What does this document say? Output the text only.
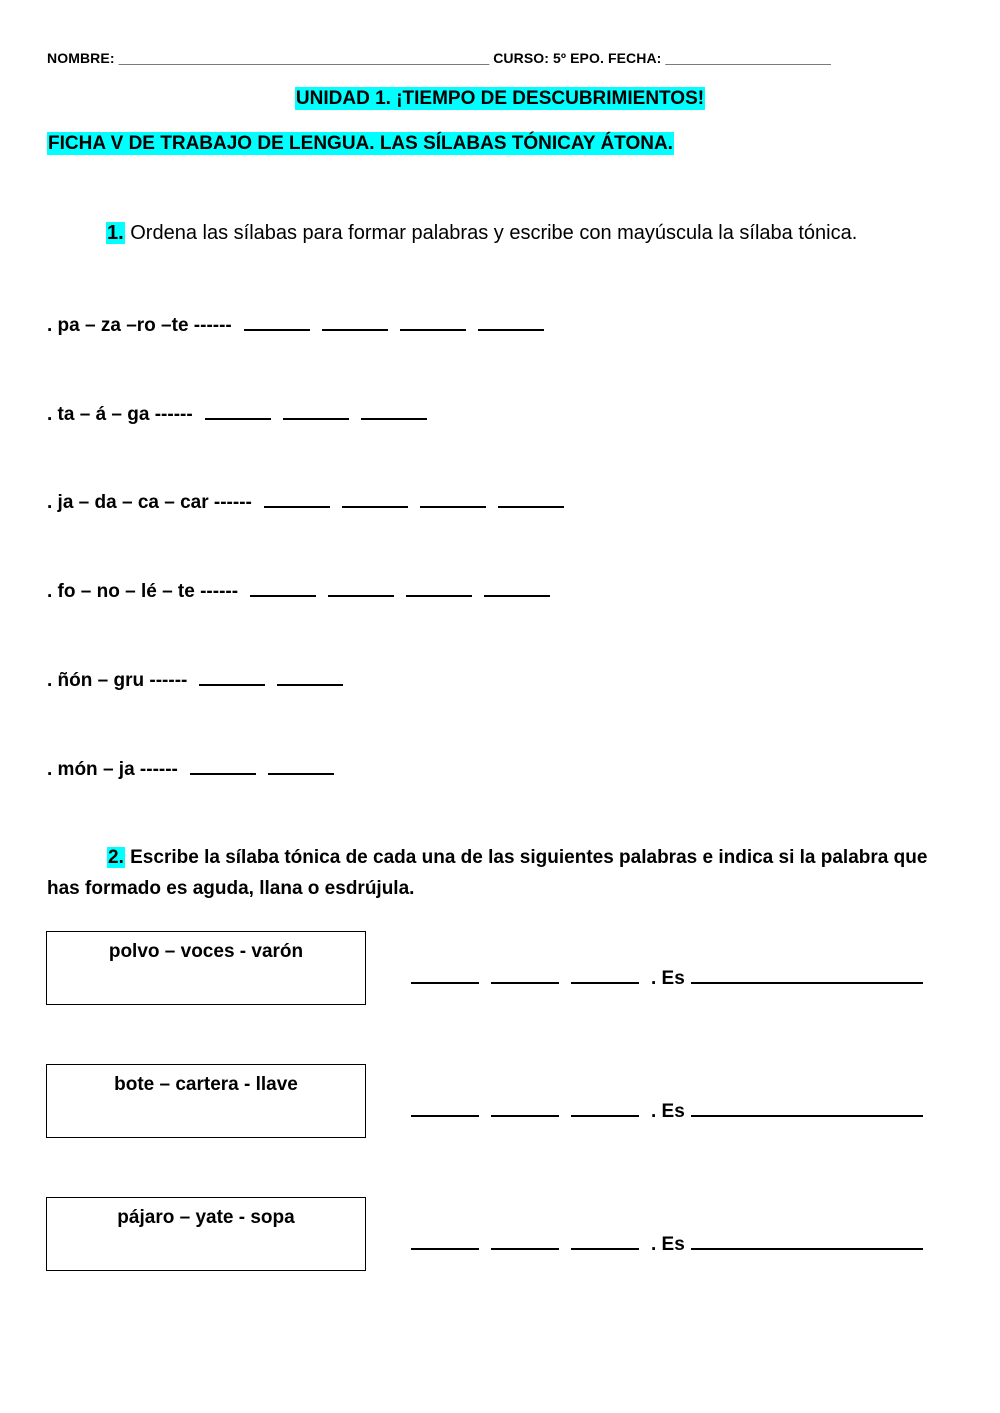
NOMBRE: _______________________________________________ CURSO: 5º EPO. FECHA: _____________________
UNIDAD 1. ¡TIEMPO DE DESCUBRIMIENTOS!
FICHA V DE TRABAJO DE LENGUA. LAS SÍLABAS TÓNICAY ÁTONA.
1. Ordena las sílabas para formar palabras y escribe con mayúscula la sílaba tónica.
. pa – za –ro –te ------
. ta – á – ga ------
. ja – da – ca – car ------
. fo – no – lé – te ------
. ñón – gru ------
. món – ja ------
2. Escribe la sílaba tónica de cada una de las siguientes palabras e indica si la palabra que has formado es aguda, llana o esdrújula.
polvo – voces - varón
. Es
bote – cartera - llave
. Es
pájaro – yate - sopa
. Es
